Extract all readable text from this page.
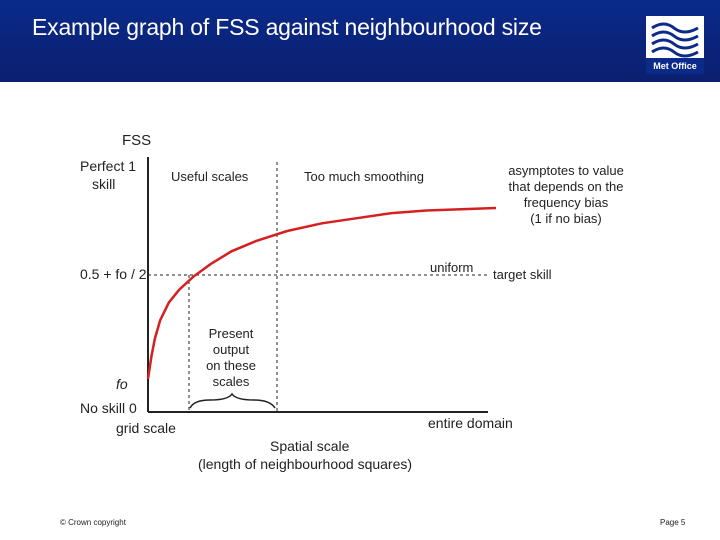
Example graph of FSS against neighbourhood size
Met Office
FSS
Perfect 1
skill
0.5 + fo / 2
fo
No skill 0
grid scale	entire domain
Spatial scale
(length of neighbourhood squares)
Useful scales	Too much smoothing	asymptotes to value
that depends on the
frequency bias
(1 if no bias)
uniform target skill
Present
output
on these
scales
© Crown copyright	Page 5
